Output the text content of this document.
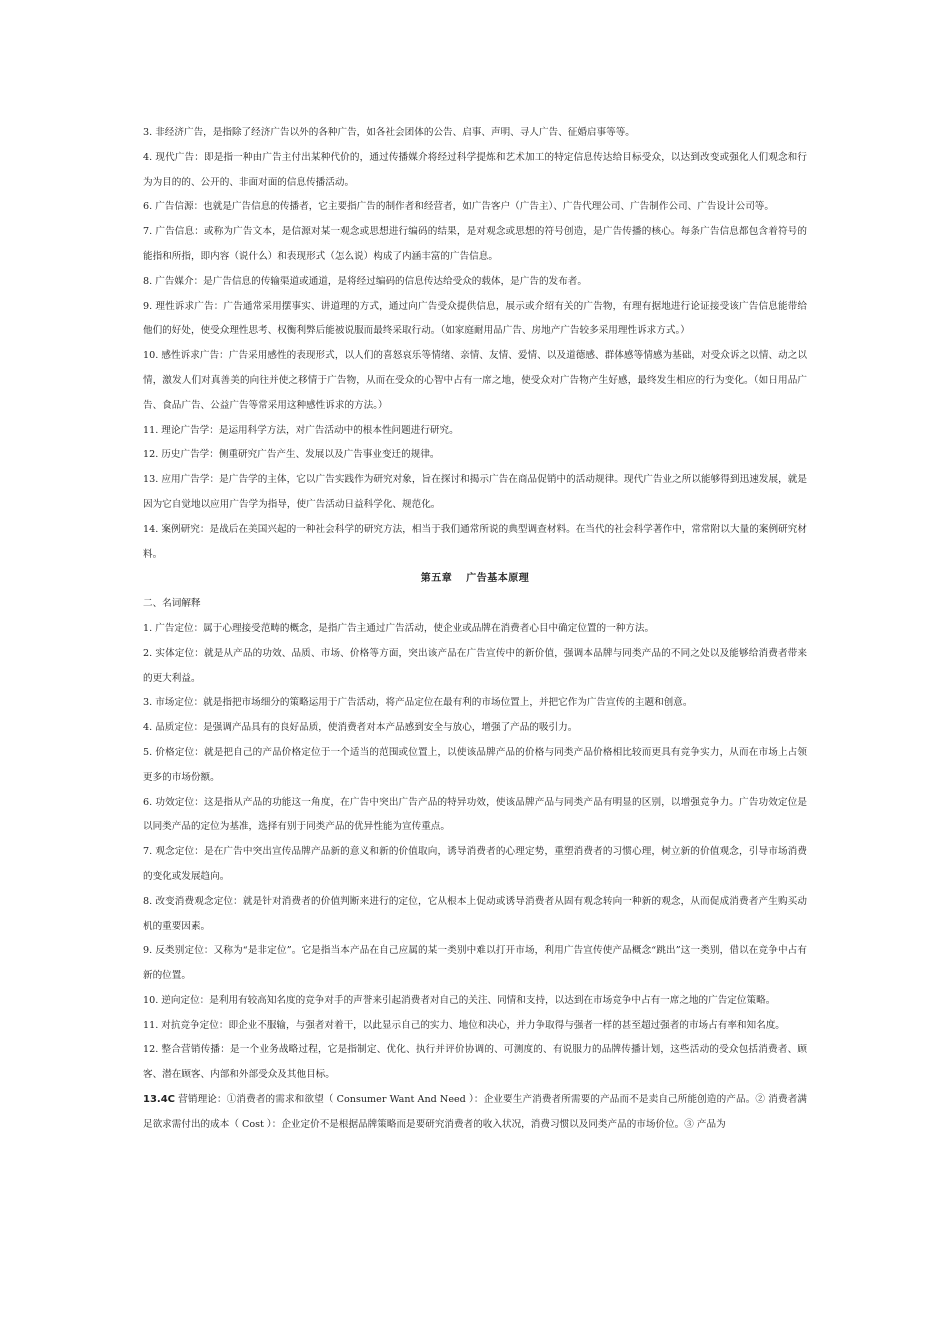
3. 非经济广告，是指除了经济广告以外的各种广告，如各社会团体的公告、启事、声明、寻人广告、征婚启事等等。

4. 现代广告：即是指一种由广告主付出某种代价的，通过传播媒介将经过科学提炼和艺术加工的特定信息传达给目标受众，以达到改变或强化人们观念和行为为目的的、公开的、非面对面的信息传播活动。

6. 广告信源：也就是广告信息的传播者，它主要指广告的制作者和经营者，如广告客户（广告主）、广告代理公司、广告制作公司、广告设计公司等。

7. 广告信息：或称为广告文本，是信源对某一观念或思想进行编码的结果，是对观念或思想的符号创造，是广告传播的核心。每条广告信息都包含着符号的能指和所指，即内容（说什么）和表现形式（怎么说）构成了内涵丰富的广告信息。

8. 广告媒介：是广告信息的传输渠道或通道，是将经过编码的信息传达给受众的载体，是广告的发布者。

9. 理性诉求广告：广告通常采用摆事实、讲道理的方式，通过向广告受众提供信息，展示或介绍有关的广告物，有理有据地进行论证接受该广告信息能带给他们的好处，使受众理性思考、权衡利弊后能被说服而最终采取行动。（如家庭耐用品广告、房地产广告较多采用理性诉求方式。）

10. 感性诉求广告：广告采用感性的表现形式，以人们的喜怒哀乐等情绪、亲情、友情、爱情、以及道德感、群体感等情感为基础，对受众诉之以情、动之以情，激发人们对真善美的向往并使之移情于广告物，从而在受众的心智中占有一席之地，使受众对广告物产生好感，最终发生相应的行为变化。（如日用品广告、食品广告、公益广告等常采用这种感性诉求的方法。）

11. 理论广告学：是运用科学方法，对广告活动中的根本性问题进行研究。

12. 历史广告学：侧重研究广告产生、发展以及广告事业变迁的规律。

13. 应用广告学：是广告学的主体，它以广告实践作为研究对象，旨在探讨和揭示广告在商品促销中的活动规律。现代广告业之所以能够得到迅速发展，就是因为它自觉地以应用广告学为指导，使广告活动日益科学化、规范化。

14. 案例研究：是战后在美国兴起的一种社会科学的研究方法，相当于我们通常所说的典型调查材料。在当代的社会科学著作中，常常附以大量的案例研究材料。

第五章 广告基本原理

二、名词解释

1. 广告定位：属于心理接受范畴的概念，是指广告主通过广告活动，使企业或品牌在消费者心目中确定位置的一种方法。

2. 实体定位：就是从产品的功效、品质、市场、价格等方面，突出该产品在广告宣传中的新价值，强调本品牌与同类产品的不同之处以及能够给消费者带来的更大利益。

3. 市场定位：就是指把市场细分的策略运用于广告活动，将产品定位在最有利的市场位置上，并把它作为广告宣传的主题和创意。

4. 品质定位：是强调产品具有的良好品质，使消费者对本产品感到安全与放心，增强了产品的吸引力。

5. 价格定位：就是把自己的产品价格定位于一个适当的范围或位置上，以使该品牌产品的价格与同类产品价格相比较而更具有竞争实力，从而在市场上占领更多的市场份额。

6. 功效定位：这是指从产品的功能这一角度，在广告中突出广告产品的特异功效，使该品牌产品与同类产品有明显的区别，以增强竞争力。广告功效定位是以同类产品的定位为基准，选择有别于同类产品的优异性能为宣传重点。

7. 观念定位：是在广告中突出宣传品牌产品新的意义和新的价值取向，诱导消费者的心理定势，重塑消费者的习惯心理，树立新的价值观念，引导市场消费的变化或发展趋向。

8. 改变消费观念定位：就是针对消费者的价值判断来进行的定位，它从根本上促动或诱导消费者从固有观念转向一种新的观念，从而促成消费者产生购买动机的重要因素。

9. 反类别定位：又称为“是非定位”。它是指当本产品在自己应属的某一类别中难以打开市场，利用广告宣传使产品概念“跳出”这一类别，借以在竞争中占有新的位置。

10. 逆向定位：是利用有较高知名度的竞争对手的声誉来引起消费者对自己的关注、同情和支持，以达到在市场竞争中占有一席之地的广告定位策略。

11. 对抗竞争定位：即企业不服输，与强者对着干，以此显示自己的实力、地位和决心，并力争取得与强者一样的甚至超过强者的市场占有率和知名度。

12. 整合营销传播：是一个业务战略过程，它是指制定、优化、执行并评价协调的、可测度的、有说服力的品牌传播计划，这些活动的受众包括消费者、顾客、潜在顾客、内部和外部受众及其他目标。

13.4C 营销理论：①消费者的需求和欲望（ Consumer Want And Need ）：企业要生产消费者所需要的产品而不是卖自己所能创造的产品。② 消费者满足欲求需付出的成本（ Cost ）：企业定价不是根据品牌策略而是要研究消费者的收入状况，消费习惯以及同类产品的市场价位。③ 产品为
